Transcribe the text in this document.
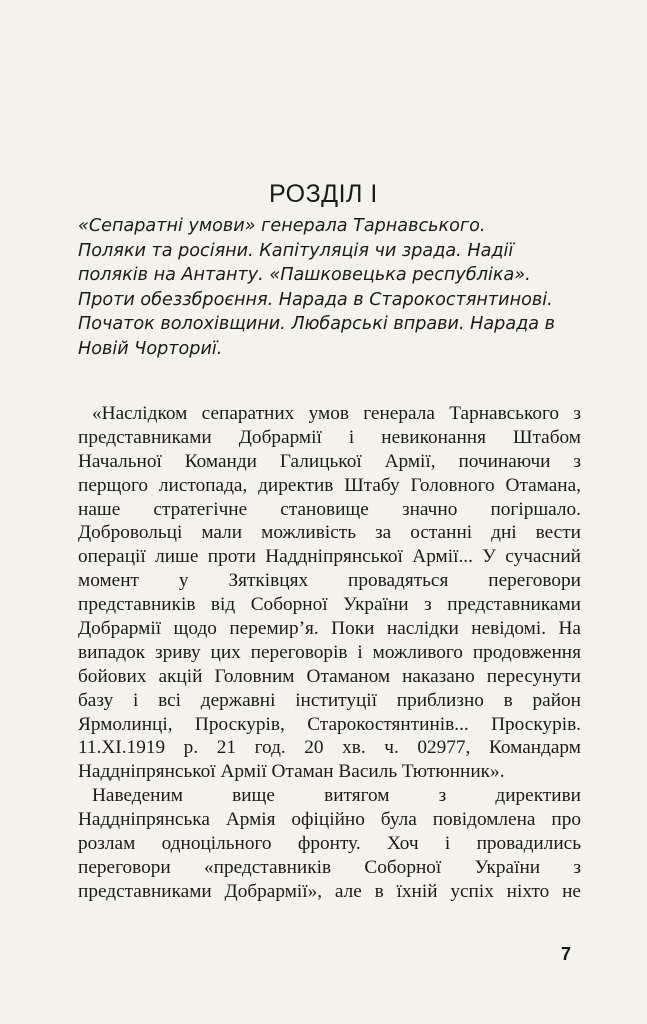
РОЗДІЛ І
«Сепаратні умови» генерала Тарнавського.
Поляки та росіяни. Капітуляція чи зрада. Надії
поляків на Антанту. «Пашковецька республіка».
Проти обеззброєння. Нарада в Старокостянтинові.
Початок волохівщини. Любарські вправи. Нарада в
Новій Чорториї.
«Наслідком сепаратних умов генерала Тарнавського з
представниками Добрармії і невиконання Штабом
Начальної Команди Галицької Армії, починаючи з
перщого листопада, директив Штабу Головного Отамана,
наше стратегічне становище значно погіршало.
Добровольці мали можливість за останні дні вести
операції лише проти Наддніпрянської Армії... У сучасний
момент у Зятківцях провадяться переговори
представників від Соборної України з представниками
Добрармії щодо перемир’я. Поки наслідки невідомі. На
випадок зриву цих переговорів і можливого продовження
бойових акцій Головним Отаманом наказано пересунути
базу і всі державні інституції приблизно в район
Ярмолинці, Проскурів, Старокостянтинів... Проскурів.
11.XI.1919 р. 21 год. 20 хв. ч. 02977, Командарм
Наддніпрянської Армії Отаман Василь Тютюнник».
Наведеним вище витягом з директиви
Наддніпрянська Армія офіційно була повідомлена про
розлам одноцільного фронту. Хоч і провадились
переговори «представників Соборної України з
представниками Добрармії», але в їхній успіх ніхто не
7
